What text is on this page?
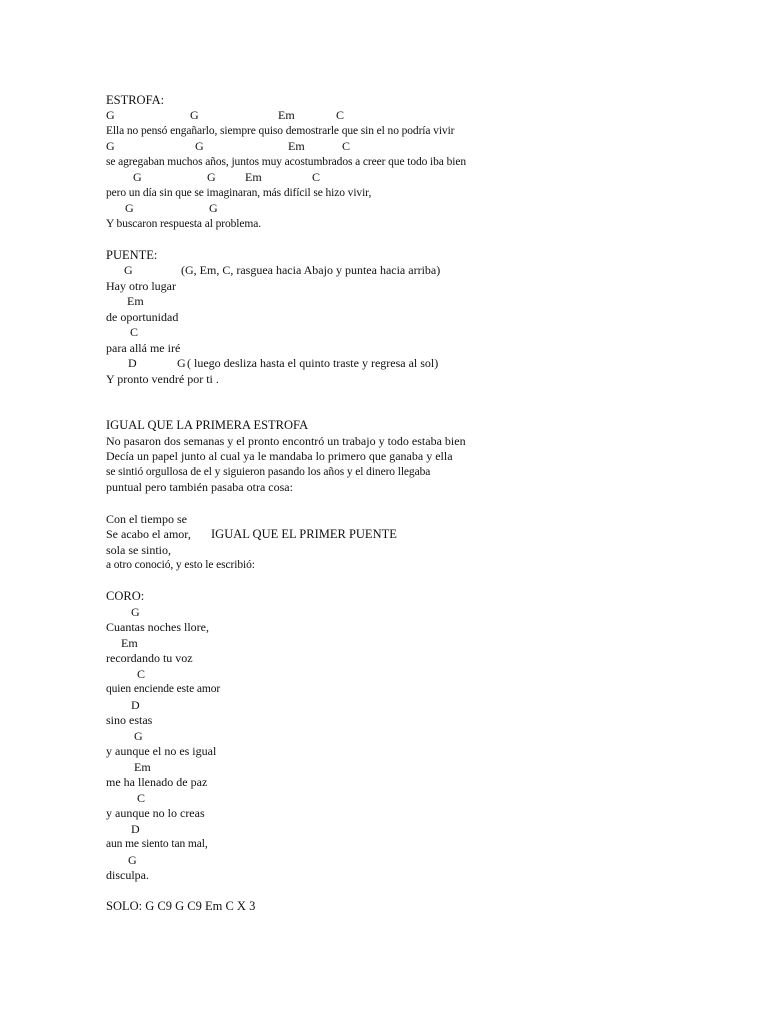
ESTROFA:
G	G	Em	C
Ella no pensó engañarlo, siempre quiso demostrarle que sin el no podría vivir
G	G	Em	C
se agregaban muchos años, juntos muy acostumbrados a creer que todo iba bien
G	G Em	C
pero un día sin que se imaginaran, más difícil se hizo vivir,
G	G
Y buscaron respuesta al problema.
PUENTE:
G	(G, Em, C, rasguea hacia Abajo y puntea hacia arriba)
Hay otro lugar
Em
de oportunidad
C
para allá me iré
D	G ( luego desliza hasta el quinto traste y regresa al sol)
Y pronto vendré por ti .
IGUAL QUE LA PRIMERA ESTROFA
No pasaron dos semanas y el pronto encontró un trabajo y todo estaba bien
Decía un papel junto al cual ya le mandaba lo primero que ganaba y ella
se sintió orgullosa de el y siguieron pasando los años y el dinero llegaba
puntual pero también pasaba otra cosa:
Con el tiempo se
Se acabo el amor, IGUAL QUE EL PRIMER PUENTE
sola se sintio,
a otro conoció, y esto le escribió:
CORO:
G
Cuantas noches llore,
Em
recordando tu voz
C
quien enciende este amor
D
sino estas
G
y aunque el no es igual
Em
me ha llenado de paz
C
y aunque no lo creas
D
aun me siento tan mal,
G
disculpa.
SOLO: G C9 G C9 Em C X 3
